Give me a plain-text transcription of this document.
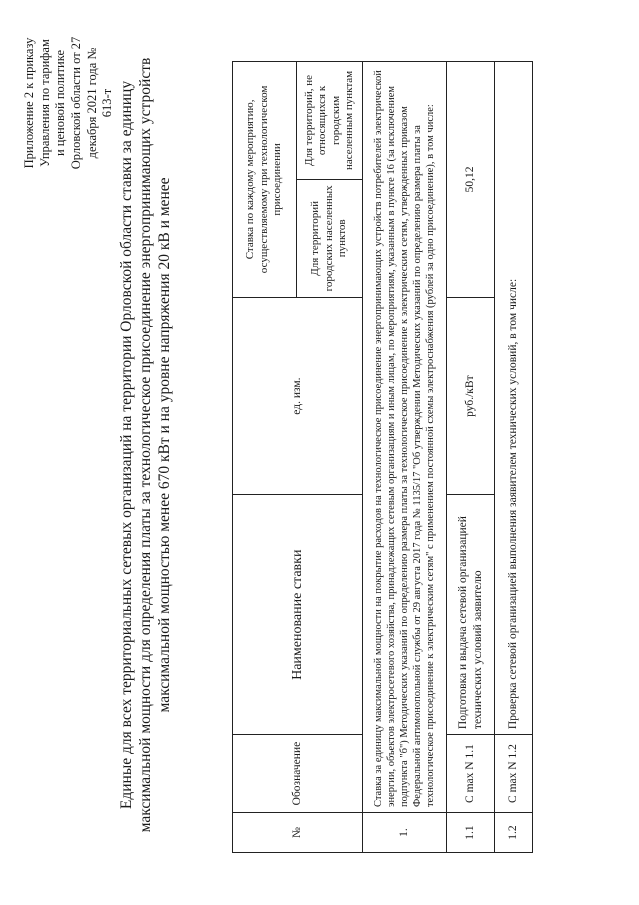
Приложение 2 к приказу Управления по тарифам и ценовой политике Орловской области от 27 декабря 2021 года № 613-т Единые для всех территориальных сетевых организаций на территории Орловской области ставки за единицу максимальной мощности для определения платы за технологическое присоединение энергопринимающих устройств максимальной мощностью менее 670 кВт и на уровне напряжения 20 кВ и менее
№	Обозначение	Наименование ставки	ед. изм.	Ставка по каждому мероприятию, осуществляемому при технологическом присоединении	
				Для территорий городских населенных пунктов	Для территорий, не относящихся к городским населенным пунктам
1.	Ставка за единицу максимальной мощности на покрытие расходов на технологическое присоединение энергопринимающих устройств потребителей электрической энергии, объектов электросетевого хозяйства, принадлежащих сетевым организациям и иным лицам, по мероприятиям, указанным в пункте 16 (за исключением подпункта "б") Методических указаний по определению размера платы за технологическое присоединение к электрическим сетям, утвержденных приказом Федеральной антимонопольной службы от 29 августа 2017 года № 1135/17 "Об утверждении Методических указаний по определению размера платы за технологическое присоединение к электрическим сетям" с применением постоянной схемы электроснабжения (рублей за одно присоединение), в том числе:				
1.1	C max N 1.1	Подготовка и выдача сетевой организацией технических условий заявителю	руб./кВт	50,12	
1.2	C max N 1.2	Проверка сетевой организацией выполнения заявителем технических условий, в том числе:			
